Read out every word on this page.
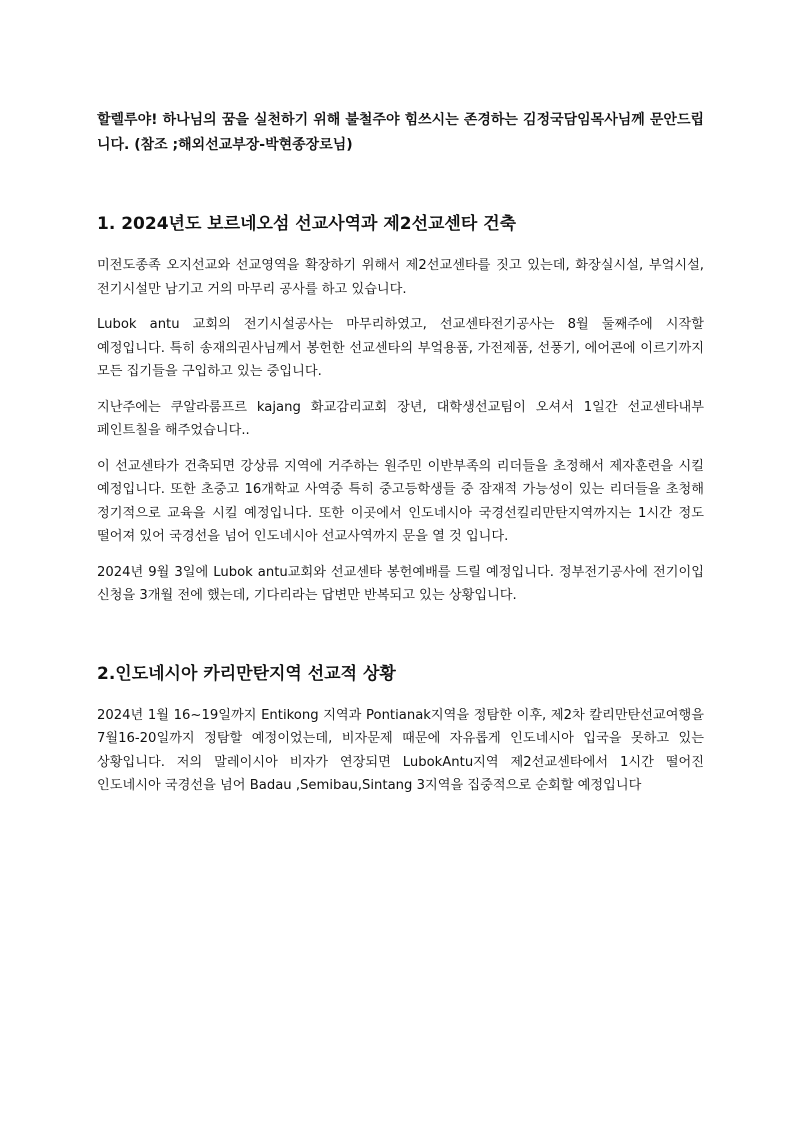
할렐루야! 하나님의 꿈을 실천하기 위해 불철주야 힘쓰시는 존경하는 김정국담임목사님께 문안드립니다. (참조 ;해외선교부장-박현종장로님)

1. 2024년도 보르네오섬 선교사역과 제2선교센타 건축

미전도종족 오지선교와 선교영역을 확장하기 위해서 제2선교센타를 짓고 있는데, 화장실시설, 부엌시설, 전기시설만 남기고 거의 마무리 공사를 하고 있습니다.

Lubok antu 교회의 전기시설공사는 마무리하였고, 선교센타전기공사는 8월 둘째주에 시작할 예정입니다. 특히 송재의권사님께서 봉헌한 선교센타의 부엌용품, 가전제품, 선풍기, 에어콘에 이르기까지 모든 집기들을 구입하고 있는 중입니다.

지난주에는 쿠알라룸프르 kajang 화교감리교회 장년, 대학생선교팀이 오셔서 1일간 선교센타내부 페인트칠을 해주었습니다..

이 선교센타가 건축되면 강상류 지역에 거주하는 원주민 이반부족의 리더들을 초정해서 제자훈련을 시킬 예정입니다. 또한 초중고 16개학교 사역중 특히 중고등학생들 중 잠재적 가능성이 있는 리더들을 초청해 정기적으로 교육을 시킬 예정입니다. 또한 이곳에서 인도네시아 국경선킬리만탄지역까지는 1시간 정도 떨어져 있어 국경선을 넘어 인도네시아 선교사역까지 문을 열 것 입니다.

2024년 9월 3일에 Lubok antu교회와 선교센타 봉헌예배를 드릴 예정입니다. 정부전기공사에 전기이입 신청을 3개월 전에 했는데, 기다리라는 답변만 반복되고 있는 상황입니다.

2.인도네시아 카리만탄지역 선교적 상황

2024년 1월 16~19일까지 Entikong 지역과 Pontianak지역을 정탐한 이후, 제2차 칼리만탄선교여행을 7월16-20일까지 정탐할 예정이었는데, 비자문제 때문에 자유롭게 인도네시아 입국을 못하고 있는 상황입니다. 저의 말레이시아 비자가 연장되면 LubokAntu지역 제2선교센타에서 1시간 떨어진 인도네시아 국경선을 넘어 Badau ,Semibau,Sintang 3지역을 집중적으로 순회할 예정입니다
